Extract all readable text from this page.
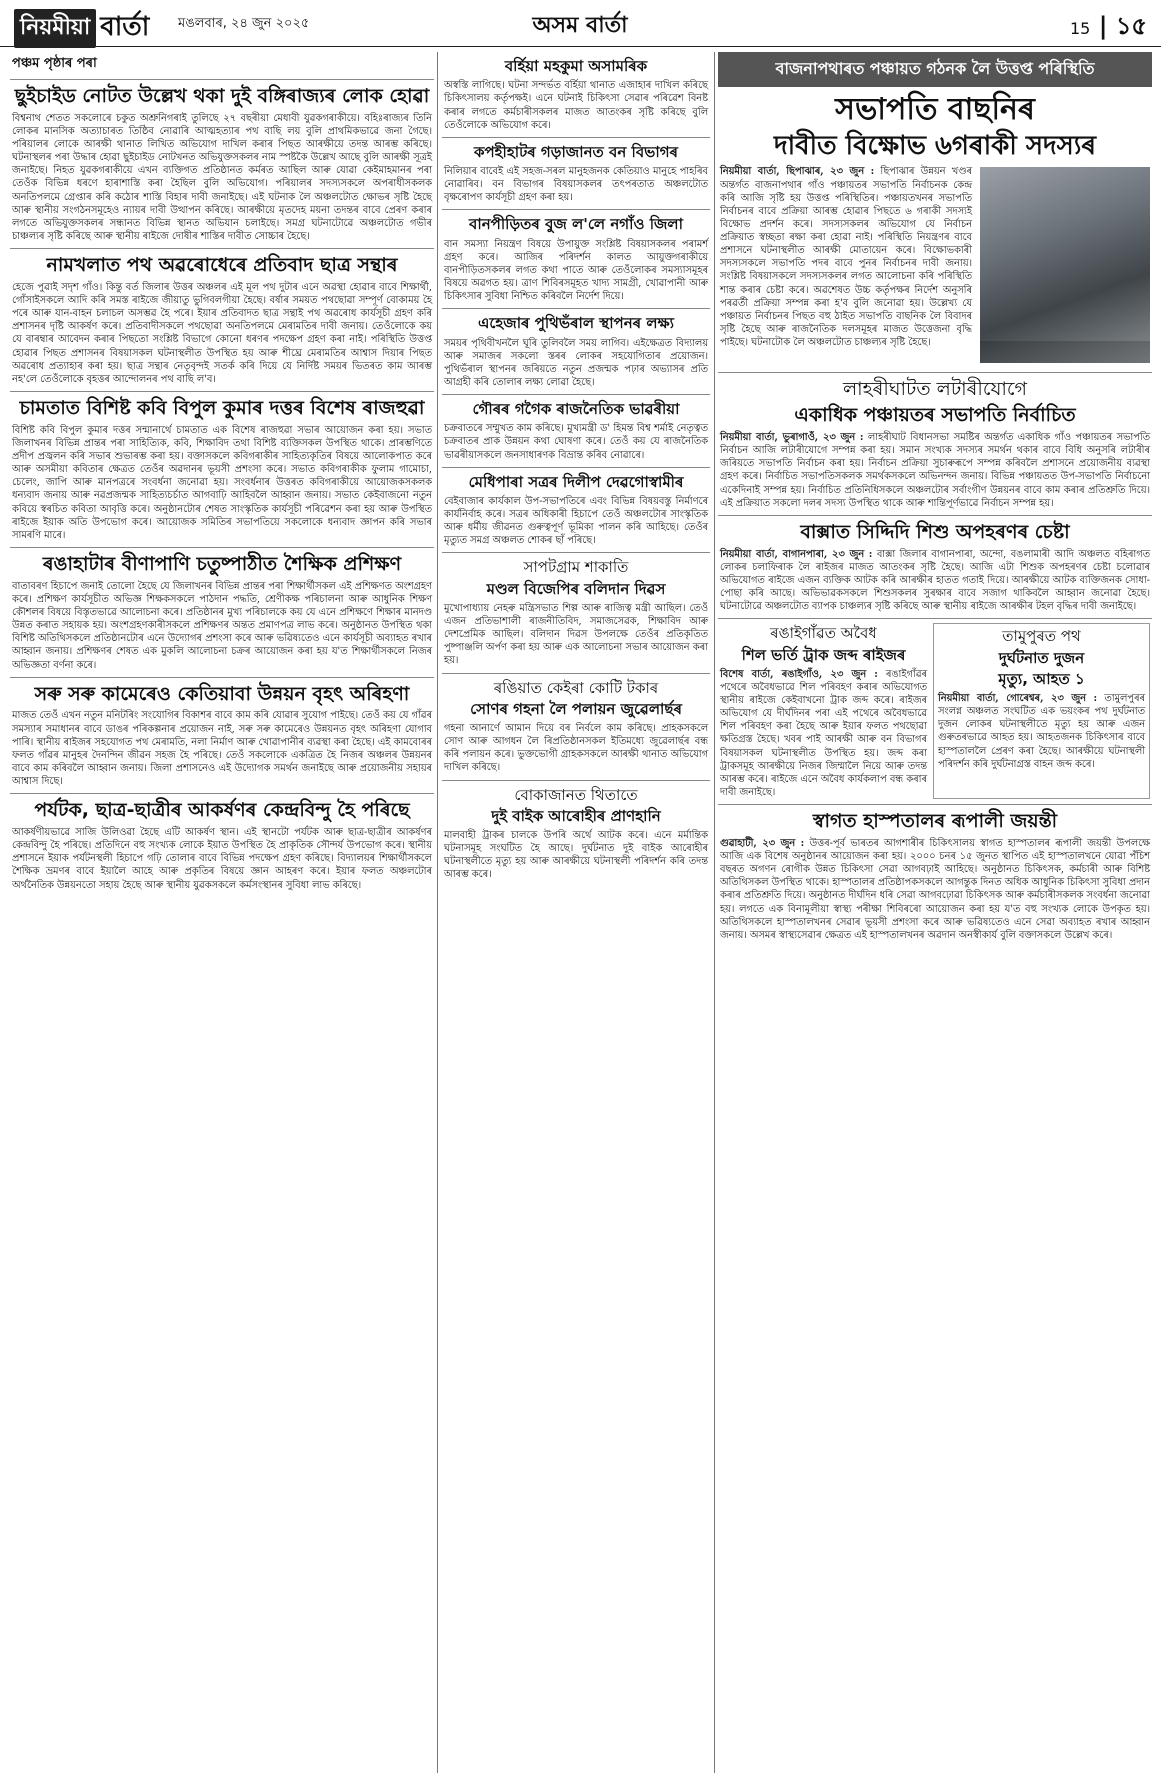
নিয়মীয়া বাৰ্তা মঙলবাৰ, ২৪ জুন ২০২৫	অসম বাৰ্তা	15 | ১৫
পঞ্চম পৃষ্ঠাৰ পৰা
ছুইচাইড নোটত উল্লেখ থকা দুই বঙ্গিৰাজ্যৰ লোক হোৱা
বিশ্বনাথ শেতত সকলোৰে চকুত অশ্ৰুনিগৰাই তুলিছে ২৭ বছৰীয়া মেধাবী যুৱকগৰাকীয়ে। বহিঃৰাজ্যৰ তিনি লোকৰ মানসিক অত্যাচাৰত তিষ্ঠিব নোৱাৰি আত্মহত্যাৰ পথ বাছি লয় বুলি প্ৰাথমিকভাৱে জনা গৈছে। পৰিয়ালৰ লোকে আৰক্ষী থানাত লিখিত অভিযোগ দাখিল কৰাৰ পিছত আৰক্ষীয়ে তদন্ত আৰম্ভ কৰিছে। ঘটনাস্থলৰ পৰা উদ্ধাৰ হোৱা ছুইচাইড নোটখনত অভিযুক্তসকলৰ নাম স্পষ্টকৈ উল্লেখ আছে বুলি আৰক্ষী সূত্ৰই জনাইছে। নিহত যুৱকগৰাকীয়ে এখন ব্যক্তিগত প্ৰতিষ্ঠানত কৰ্মৰত আছিল আৰু যোৱা কেইমাহমানৰ পৰা তেওঁক বিভিন্ন ধৰণে হাৰাশাস্তি কৰা হৈছিল বুলি অভিযোগ। পৰিয়ালৰ সদস্যসকলে অপৰাধীসকলক অনতিপলমে গ্ৰেপ্তাৰ কৰি কঠোৰ শাস্তি বিহাৰ দাবী জনাইছে। এই ঘটনাক লৈ অঞ্চলটোত ক্ষোভৰ সৃষ্টি হৈছে আৰু স্থানীয় সংগঠনসমূহেও ন্যায়ৰ দাবী উত্থাপন কৰিছে। আৰক্ষীয়ে মৃতদেহ ময়না তদন্তৰ বাবে প্ৰেৰণ কৰাৰ লগতে অভিযুক্তসকলৰ সন্ধানত বিভিন্ন স্থানত অভিযান চলাইছে। সমগ্ৰ ঘটনাটোৱে অঞ্চলটোত গভীৰ চাঞ্চল্যৰ সৃষ্টি কৰিছে আৰু স্থানীয় ৰাইজে দোষীৰ শাস্তিৰ দাবীত সোচ্চাৰ হৈছে।
নামখলাত পথ অৱৰোধেৰে প্ৰতিবাদ ছাত্ৰ সন্থাৰ
হেজে পুৱাই সদৃশ গাঁও। কিন্তু বৰ্ত জিলাৰ উত্তৰ অঞ্চলৰ এই মূল পথ দুটাৰ এনে অৱস্থা হোৱাৰ বাবে শিক্ষাৰ্থী, গোঁসাইসকলে আদি কৰি সমস্ত ৰাইজে জীয়াতু ভুগিবলগীয়া হৈছে। বৰ্ষাৰ সময়ত পথছোৱা সম্পূৰ্ণ বোকাময় হৈ পৰে আৰু যান-বাহন চলাচল অসম্ভৱ হৈ পৰে। ইয়াৰ প্ৰতিবাদত ছাত্ৰ সন্থাই পথ অৱৰোধ কাৰ্যসূচী গ্ৰহণ কৰি প্ৰশাসনৰ দৃষ্টি আকৰ্ষণ কৰে। প্ৰতিবাদীসকলে পথছোৱা অনতিপলমে মেৰামতিৰ দাবী জনায়। তেওঁলোকে কয় যে বাৰম্বাৰ আবেদন কৰাৰ পিছতো সংশ্লিষ্ট বিভাগে কোনো ধৰণৰ পদক্ষেপ গ্ৰহণ কৰা নাই। পৰিস্থিতি উত্তপ্ত হোৱাৰ পিছত প্ৰশাসনৰ বিষয়াসকল ঘটনাস্থলীত উপস্থিত হয় আৰু শীঘ্ৰে মেৰামতিৰ আশ্বাস দিয়াৰ পিছত অৱৰোধ প্ৰত্যাহাৰ কৰা হয়। ছাত্ৰ সন্থাৰ নেতৃবৃন্দই সতৰ্ক কৰি দিয়ে যে নিৰ্দিষ্ট সময়ৰ ভিতৰত কাম আৰম্ভ নহ'লে তেওঁলোকে বৃহত্তৰ আন্দোলনৰ পথ বাছি ল'ব।
চামতাত বিশিষ্ট কবি বিপুল কুমাৰ দত্তৰ বিশেষ ৰাজহুৱা
বিশিষ্ট কবি বিপুল কুমাৰ দত্তৰ সন্মানাৰ্থে চামতাত এক বিশেষ ৰাজহুৱা সভাৰ আয়োজন কৰা হয়। সভাত জিলাখনৰ বিভিন্ন প্ৰান্তৰ পৰা সাহিত্যিক, কবি, শিক্ষাবিদ তথা বিশিষ্ট ব্যক্তিসকল উপস্থিত থাকে। প্ৰাৰম্ভণিতে প্ৰদীপ প্ৰজ্বলন কৰি সভাৰ শুভাৰম্ভ কৰা হয়। বক্তাসকলে কবিগৰাকীৰ সাহিত্যকৃতিৰ বিষয়ে আলোকপাত কৰে আৰু অসমীয়া কবিতাৰ ক্ষেত্ৰত তেওঁৰ অৱদানৰ ভূয়সী প্ৰশংসা কৰে। সভাত কবিগৰাকীক ফুলাম গামোচা, চেলেং, জাপি আৰু মানপত্ৰৰে সংবৰ্ধনা জনোৱা হয়। সংবৰ্ধনাৰ উত্তৰত কবিগৰাকীয়ে আয়োজকসকলক ধন্যবাদ জনায় আৰু নৱপ্ৰজন্মক সাহিত্যচৰ্চাত আগবাঢ়ি আহিবলৈ আহ্বান জনায়। সভাত কেইবাজনো নতুন কবিয়ে স্বৰচিত কবিতা আবৃত্তি কৰে। অনুষ্ঠানটোৰ শেষত সাংস্কৃতিক কাৰ্যসূচী পৰিৱেশন কৰা হয় আৰু উপস্থিত ৰাইজে ইয়াক অতি উপভোগ কৰে। আয়োজক সমিতিৰ সভাপতিয়ে সকলোকে ধন্যবাদ জ্ঞাপন কৰি সভাৰ সামৰণি মাৰে।
ৰঙাহাটাৰ বীণাপাণি চতুষ্পাঠীত শৈক্ষিক প্ৰশিক্ষণ
বাতাবৰণ হিচাপে জনাই তোলো হৈছে যে জিলাখনৰ বিভিন্ন প্ৰান্তৰ পৰা শিক্ষাৰ্থীসকল এই প্ৰশিক্ষণত অংশগ্ৰহণ কৰে। প্ৰশিক্ষণ কাৰ্যসূচীত অভিজ্ঞ শিক্ষকসকলে পাঠদান পদ্ধতি, শ্ৰেণীকক্ষ পৰিচালনা আৰু আধুনিক শিক্ষণ কৌশলৰ বিষয়ে বিস্তৃতভাৱে আলোচনা কৰে। প্ৰতিষ্ঠানৰ মুখ্য পৰিচালকে কয় যে এনে প্ৰশিক্ষণে শিক্ষাৰ মানদণ্ড উন্নত কৰাত সহায়ক হয়। অংশগ্ৰহণকাৰীসকলে প্ৰশিক্ষণৰ অন্তত প্ৰমাণপত্ৰ লাভ কৰে। অনুষ্ঠানত উপস্থিত থকা বিশিষ্ট অতিথিসকলে প্ৰতিষ্ঠানটোৰ এনে উদ্যোগৰ প্ৰশংসা কৰে আৰু ভৱিষ্যতেও এনে কাৰ্যসূচী অব্যাহত ৰখাৰ আহ্বান জনায়। প্ৰশিক্ষণৰ শেষত এক মুকলি আলোচনা চক্ৰৰ আয়োজন কৰা হয় য'ত শিক্ষাৰ্থীসকলে নিজৰ অভিজ্ঞতা বৰ্ণনা কৰে।
সৰু সৰু কামেৰেও কেতিয়াবা উন্নয়ন বৃহৎ অৰিহণা
মাজত তেওঁ এখন নতুন মনিটৰিং সংযোগিৰ বিকাশৰ বাবে কাম কৰি যোৱাৰ সুযোগ পাইছে। তেওঁ কয় যে গাঁৱৰ সমস্যাৰ সমাধানৰ বাবে ডাঙৰ পৰিকল্পনাৰ প্ৰয়োজন নাই, সৰু সৰু কামেৰেও উন্নয়নত বৃহৎ অৰিহণা যোগাব পাৰি। স্থানীয় ৰাইজৰ সহযোগত পথ মেৰামতি, নলা নিৰ্মাণ আৰু খোৱাপানীৰ ব্যৱস্থা কৰা হৈছে। এই কামবোৰৰ ফলত গাঁৱৰ মানুহৰ দৈনন্দিন জীৱন সহজ হৈ পৰিছে। তেওঁ সকলোকে একত্ৰিত হৈ নিজৰ অঞ্চলৰ উন্নয়নৰ বাবে কাম কৰিবলৈ আহ্বান জনায়। জিলা প্ৰশাসনেও এই উদ্যোগক সমৰ্থন জনাইছে আৰু প্ৰয়োজনীয় সহায়ৰ আশ্বাস দিছে।
পৰ্যটক, ছাত্ৰ-ছাত্ৰীৰ আকৰ্ষণৰ কেন্দ্ৰবিন্দু হৈ পৰিছে
আকৰ্ষণীয়ভাৱে সাজি উলিওৱা হৈছে এটি আকৰ্ষণ স্থান। এই স্থানটো পৰ্যটক আৰু ছাত্ৰ-ছাত্ৰীৰ আকৰ্ষণৰ কেন্দ্ৰবিন্দু হৈ পৰিছে। প্ৰতিদিনে বহু সংখ্যক লোকে ইয়াত উপস্থিত হৈ প্ৰাকৃতিক সৌন্দৰ্য উপভোগ কৰে। স্থানীয় প্ৰশাসনে ইয়াক পৰ্যটনস্থলী হিচাপে গঢ়ি তোলাৰ বাবে বিভিন্ন পদক্ষেপ গ্ৰহণ কৰিছে। বিদ্যালয়ৰ শিক্ষাৰ্থীসকলে শৈক্ষিক ভ্ৰমণৰ বাবে ইয়ালৈ আহে আৰু প্ৰকৃতিৰ বিষয়ে জ্ঞান আহৰণ কৰে। ইয়াৰ ফলত অঞ্চলটোৰ অৰ্থনৈতিক উন্নয়নতো সহায় হৈছে আৰু স্থানীয় যুৱকসকলে কৰ্মসংস্থানৰ সুবিধা লাভ কৰিছে।
বৰ্হিয়া মহকুমা অসামৰিক
অস্বস্তি লাগিছে। ঘটনা সন্দৰ্ভত বৰ্হিয়া থানাত এজাহাৰ দাখিল কৰিছে চিকিৎসালয় কৰ্তৃপক্ষই। এনে ঘটনাই চিকিৎসা সেৱাৰ পৰিৱেশ বিনষ্ট কৰাৰ লগতে কৰ্মচাৰীসকলৰ মাজত আতংকৰ সৃষ্টি কৰিছে বুলি তেওঁলোকে অভিযোগ কৰে।
কপহীহাটৰ গড়াজানত বন বিভাগৰ
নিলিয়াৰ বাবেই এই সহজ-সৰল মানুহজনক কেতিয়াও মানুহে পাহৰিব নোৱাৰিব। বন বিভাগৰ বিষয়াসকলৰ তৎপৰতাত অঞ্চলটোত বৃক্ষৰোপণ কাৰ্যসূচী গ্ৰহণ কৰা হয়।
বানপীড়িতৰ বুজ ল'লে নগাঁও জিলা
বান সমস্যা নিয়ন্ত্ৰণ বিষয়ে উপায়ুক্ত সংশ্লিষ্ট বিষয়াসকলৰ পৰামৰ্শ গ্ৰহণ কৰে। আজিৰ পৰিদৰ্শন কালত আয়ুক্তগৰাকীয়ে বানপীড়িতসকলৰ লগত কথা পাতে আৰু তেওঁলোকৰ সমস্যাসমূহৰ বিষয়ে অৱগত হয়। ত্ৰাণ শিবিৰসমূহত খাদ্য সামগ্ৰী, খোৱাপানী আৰু চিকিৎসাৰ সুবিধা নিশ্চিত কৰিবলৈ নিৰ্দেশ দিয়ে।
এহেজাৰ পুথিভঁৰাল স্থাপনৰ লক্ষ্য
সময়ৰ পৃথিবীখনলৈ ঘূৰি তুলিবলৈ সময় লাগিব। এইক্ষেত্ৰত বিদ্যালয় আৰু সমাজৰ সকলো স্তৰৰ লোকৰ সহযোগিতাৰ প্ৰয়োজন। পুথিভঁৰাল স্থাপনৰ জৰিয়তে নতুন প্ৰজন্মক পঢ়াৰ অভ্যাসৰ প্ৰতি আগ্ৰহী কৰি তোলাৰ লক্ষ্য লোৱা হৈছে।
গৌৰৰ গগৈক ৰাজনৈতিক ভাৱৰীয়া
চক্ৰবাতৰে সম্মুখত কাম কৰিছে। মুখ্যমন্ত্ৰী ড' হিমন্ত বিশ্ব শৰ্মাই নেতৃত্বত চক্ৰবাতৰ প্ৰাক উন্নয়ন কথা ঘোষণা কৰে। তেওঁ কয় যে ৰাজনৈতিক ভাৱৰীয়াসকলে জনসাধাৰণক বিভ্ৰান্ত কৰিব নোৱাৰে।
মেধিপাৰা সত্ৰৰ দিলীপ দেৱগোস্বামীৰ
বেইবাজাৰ কাৰ্যকাল উপ-সভাপতিৰে এবং বিভিন্ন বিষয়বস্তু নিৰ্মাণৰে কাৰ্যনিৰ্বাহ কৰে। সত্ৰৰ অধিকাৰী হিচাপে তেওঁ অঞ্চলটোৰ সাংস্কৃতিক আৰু ধৰ্মীয় জীৱনত গুৰুত্বপূৰ্ণ ভূমিকা পালন কৰি আহিছে। তেওঁৰ মৃত্যুত সমগ্ৰ অঞ্চলত শোকৰ ছাঁ পৰিছে।
সাপটগ্ৰাম শাকাতি
মণ্ডল বিজেপিৰ বলিদান দিৱস
মুখোপাধ্যায় নেহৰু মন্ত্ৰিসভাত শিল্প আৰু ৰাজিত্ব মন্ত্ৰী আছিল। তেওঁ এজন প্ৰতিভাশালী ৰাজনীতিবিদ, সমাজসেৱক, শিক্ষাবিদ আৰু দেশপ্ৰেমিক আছিল। বলিদান দিৱস উপলক্ষে তেওঁৰ প্ৰতিকৃতিত পুষ্পাঞ্জলি অৰ্পণ কৰা হয় আৰু এক আলোচনা সভাৰ আয়োজন কৰা হয়।
ৰঙিয়াত কেইৰা কোটি টকাৰ
সোণৰ গহনা লৈ পলায়ন জুৱেলাৰ্ছৰ
গহনা আনাৰ্ণে আমান দিয়ে বৰ নিৰ্বলে কাম কৰিছে। প্ৰাহকসকলে সোণ আৰু আগধন লৈ ৰিপ্ৰতিষ্ঠানসকল ইতিমধ্যে জুৱেলাৰ্ছৰ বন্ধ কৰি পলায়ন কৰে। ভুক্তভোগী গ্ৰাহকসকলে আৰক্ষী থানাত অভিযোগ দাখিল কৰিছে।
বোকাজানত থিতাতে
দুই বাইক আৰোহীৰ প্ৰাণহানি
মালবাহী ট্ৰাকৰ চালকে উপৰি অৰ্থে আটক কৰে। এনে মৰ্মান্তিক ঘটনাসমূহ সংঘটিত হৈ আছে। দুৰ্ঘটনাত দুই বাইক আৰোহীৰ ঘটনাস্থলীতে মৃত্যু হয় আৰু আৰক্ষীয়ে ঘটনাস্থলী পৰিদৰ্শন কৰি তদন্ত আৰম্ভ কৰে।
বাজনাপথাৰত পঞ্চায়ত গঠনক লৈ উত্তপ্ত পৰিস্থিতি
সভাপতি বাছনিৰ
দাবীত বিক্ষোভ ৬গৰাকী সদস্যৰ
নিয়মীয়া বাৰ্তা, ছিপাঝাৰ, ২৩ জুন : ছিপাঝাৰ উন্নয়ন খণ্ডৰ অন্তৰ্গত বাজনাপথাৰ গাঁও পঞ্চায়তৰ সভাপতি নিৰ্বাচনক কেন্দ্ৰ কৰি আজি সৃষ্টি হয় উত্তপ্ত পৰিস্থিতিৰ। পঞ্চায়তখনৰ সভাপতি নিৰ্বাচনৰ বাবে প্ৰক্ৰিয়া আৰম্ভ হোৱাৰ পিছতে ৬ গৰাকী সদস্যই বিক্ষোভ প্ৰদৰ্শন কৰে। সদস্যসকলৰ অভিযোগ যে নিৰ্বাচন প্ৰক্ৰিয়াত স্বচ্ছতা ৰক্ষা কৰা হোৱা নাই। পৰিস্থিতি নিয়ন্ত্ৰণৰ বাবে প্ৰশাসনে ঘটনাস্থলীত আৰক্ষী মোতায়েন কৰে। বিক্ষোভকাৰী সদস্যসকলে সভাপতি পদৰ বাবে পুনৰ নিৰ্বাচনৰ দাবী জনায়। সংশ্লিষ্ট বিষয়াসকলে সদস্যসকলৰ লগত আলোচনা কৰি পৰিস্থিতি শান্ত কৰাৰ চেষ্টা কৰে। অৱশেষত উচ্চ কৰ্তৃপক্ষৰ নিৰ্দেশ অনুসৰি পৰৱৰ্তী প্ৰক্ৰিয়া সম্পন্ন কৰা হ'ব বুলি জনোৱা হয়। উল্লেখ্য যে পঞ্চায়ত নিৰ্বাচনৰ পিছত বহু ঠাইত সভাপতি বাছনিক লৈ বিবাদৰ সৃষ্টি হৈছে আৰু ৰাজনৈতিক দলসমূহৰ মাজত উত্তেজনা বৃদ্ধি পাইছে। ঘটনাটোক লৈ অঞ্চলটোত চাঞ্চল্যৰ সৃষ্টি হৈছে।
লাহৰীঘাটত লটাৰীযোগে
একাধিক পঞ্চায়তৰ সভাপতি নিৰ্বাচিত
নিয়মীয়া বাৰ্তা, ভুৰাগাওঁ, ২৩ জুন : লাহৰীঘাট বিধানসভা সমষ্টিৰ অন্তৰ্গত একাধিক গাঁও পঞ্চায়তৰ সভাপতি নিৰ্বাচন আজি লটাৰীযোগে সম্পন্ন কৰা হয়। সমান সংখ্যক সদস্যৰ সমৰ্থন থকাৰ বাবে বিধি অনুসৰি লটাৰীৰ জৰিয়তে সভাপতি নিৰ্বাচন কৰা হয়। নিৰ্বাচন প্ৰক্ৰিয়া সুচাৰুৰূপে সম্পন্ন কৰিবলৈ প্ৰশাসনে প্ৰয়োজনীয় ব্যৱস্থা গ্ৰহণ কৰে। নিৰ্বাচিত সভাপতিসকলক সমৰ্থকসকলে অভিনন্দন জনায়। বিভিন্ন পঞ্চায়তত উপ-সভাপতি নিৰ্বাচনো একেদিনাই সম্পন্ন হয়। নিৰ্বাচিত প্ৰতিনিধিসকলে অঞ্চলটোৰ সৰ্বাংগীণ উন্নয়নৰ বাবে কাম কৰাৰ প্ৰতিশ্ৰুতি দিয়ে। এই প্ৰক্ৰিয়াত সকলো দলৰ সদস্য উপস্থিত থাকে আৰু শান্তিপূৰ্ণভাৱে নিৰ্বাচন সম্পন্ন হয়।
বাক্সাত সিদ্দিদি শিশু অপহৰণৰ চেষ্টা
নিয়মীয়া বাৰ্তা, বাগানপাৰা, ২৩ জুন : বাক্সা জিলাৰ বাগানপাৰা, অন্দো, বঙলামাৰী আদি অঞ্চলত বহিৰাগত লোকৰ চলাফিৰাক লৈ ৰাইজৰ মাজত আতংকৰ সৃষ্টি হৈছে। আজি এটা শিশুক অপহৰণৰ চেষ্টা চলোৱাৰ অভিযোগত ৰাইজে এজন ব্যক্তিক আটক কৰি আৰক্ষীৰ হাতত গতাই দিয়ে। আৰক্ষীয়ে আটক ব্যক্তিজনক সোধা-পোছা কৰি আছে। অভিভাৱকসকলে শিশুসকলৰ সুৰক্ষাৰ বাবে সজাগ থাকিবলৈ আহ্বান জনোৱা হৈছে। ঘটনাটোৱে অঞ্চলটোত ব্যাপক চাঞ্চল্যৰ সৃষ্টি কৰিছে আৰু স্থানীয় ৰাইজে আৰক্ষীৰ টহল বৃদ্ধিৰ দাবী জনাইছে।
ৰঙাইগাঁৱত অবৈধ
শিল ভৰ্তি ট্ৰাক জব্দ ৰাইজৰ
বিশেষ বাৰ্তা, ৰঙাইগাঁও, ২৩ জুন : ৰঙাইগাঁৱৰ পথেৰে অবৈধভাৱে শিল পৰিবহণ কৰাৰ অভিযোগত স্থানীয় ৰাইজে কেইবাখনো ট্ৰাক জব্দ কৰে। ৰাইজৰ অভিযোগ যে দীৰ্ঘদিনৰ পৰা এই পথেৰে অবৈধভাৱে শিল পৰিবহণ কৰা হৈছে আৰু ইয়াৰ ফলত পথছোৱা ক্ষতিগ্ৰস্ত হৈছে। খবৰ পাই আৰক্ষী আৰু বন বিভাগৰ বিষয়াসকল ঘটনাস্থলীত উপস্থিত হয়। জব্দ কৰা ট্ৰাকসমূহ আৰক্ষীয়ে নিজৰ জিম্মালৈ নিয়ে আৰু তদন্ত আৰম্ভ কৰে। ৰাইজে এনে অবৈধ কাৰ্যকলাপ বন্ধ কৰাৰ দাবী জনাইছে।
তামুপুৰত পথ
দুৰ্ঘটনাত দুজন
মৃত্যু, আহত ১
নিয়মীয়া বাৰ্তা, গোৰেশ্বৰ, ২৩ জুন : তামুলপুৰৰ সংলগ্ন অঞ্চলত সংঘটিত এক ভয়ংকৰ পথ দুৰ্ঘটনাত দুজন লোকৰ ঘটনাস্থলীতে মৃত্যু হয় আৰু এজন গুৰুতৰভাৱে আহত হয়। আহতজনক চিকিৎসাৰ বাবে হাস্পতাললৈ প্ৰেৰণ কৰা হৈছে। আৰক্ষীয়ে ঘটনাস্থলী পৰিদৰ্শন কৰি দুৰ্ঘটনাগ্ৰস্ত বাহন জব্দ কৰে।
স্বাগত হাস্পতালৰ ৰূপালী জয়ন্তী
গুৱাহাটী, ২৩ জুন : উত্তৰ-পূৰ্ব ভাৰতৰ আগশাৰীৰ চিকিৎসালয় স্বাগত হাস্পতালৰ ৰূপালী জয়ন্তী উপলক্ষে আজি এক বিশেষ অনুষ্ঠানৰ আয়োজন কৰা হয়। ২০০০ চনৰ ১৫ জুনত স্থাপিত এই হাস্পতালখনে যোৱা পঁচিশ বছৰত অগণন ৰোগীক উন্নত চিকিৎসা সেৱা আগবঢ়াই আহিছে। অনুষ্ঠানত চিকিৎসক, কৰ্মচাৰী আৰু বিশিষ্ট অতিথিসকল উপস্থিত থাকে। হাস্পতালৰ প্ৰতিষ্ঠাপকসকলে আগন্তুক দিনত অধিক আধুনিক চিকিৎসা সুবিধা প্ৰদান কৰাৰ প্ৰতিশ্ৰুতি দিয়ে। অনুষ্ঠানত দীৰ্ঘদিন ধৰি সেৱা আগবঢ়োৱা চিকিৎসক আৰু কৰ্মচাৰীসকলক সংবৰ্ধনা জনোৱা হয়। লগতে এক বিনামূলীয়া স্বাস্থ্য পৰীক্ষা শিবিৰৰো আয়োজন কৰা হয় য'ত বহু সংখ্যক লোকে উপকৃত হয়। অতিথিসকলে হাস্পতালখনৰ সেৱাৰ ভূয়সী প্ৰশংসা কৰে আৰু ভৱিষ্যতেও এনে সেৱা অব্যাহত ৰখাৰ আহ্বান জনায়। অসমৰ স্বাস্থ্যসেৱাৰ ক্ষেত্ৰত এই হাস্পতালখনৰ অৱদান অনস্বীকাৰ্য বুলি বক্তাসকলে উল্লেখ কৰে।
